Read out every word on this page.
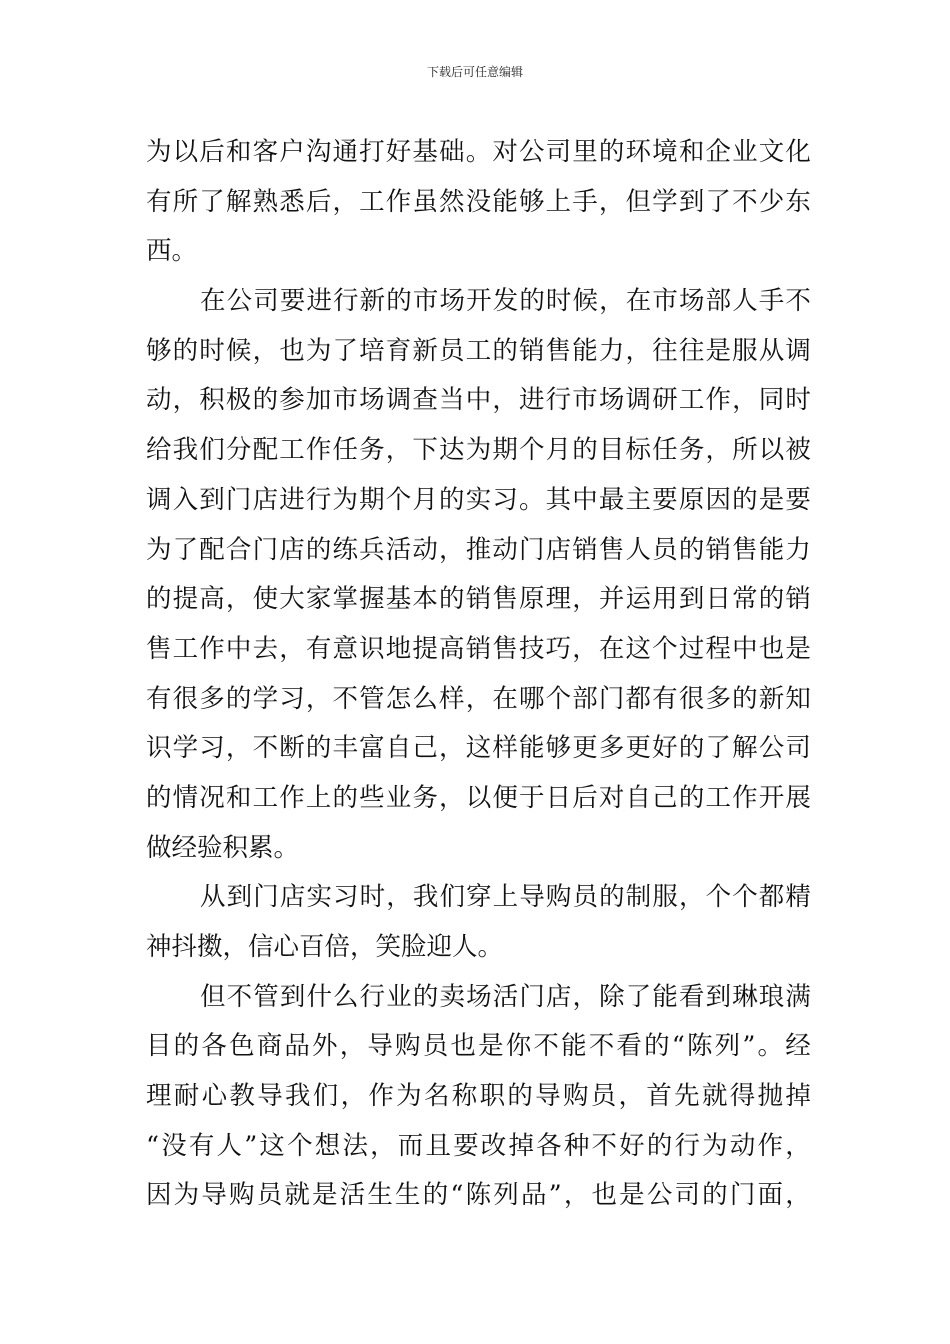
下载后可任意编辑
为 以 后 和 客 户 沟 通 打 好 基 础 。 对 公 司 里 的 环 境 和 企 业 文 化
有 所 了 解 熟 悉 后 ， 工 作 虽 然 没 能 够 上 手 ， 但 学 到 了 不 少 东
西。
在 公 司 要 进 行 新 的 市 场 开 发 的 时 候 ， 在 市 场 部 人 手 不
够 的 时 候 ， 也 为 了 培 育 新 员 工 的 销 售 能 力 ， 往 往 是 服 从 调
动 ， 积 极 的 参 加 市 场 调 查 当 中 ， 进 行 市 场 调 研 工 作 ， 同 时
给 我 们 分 配 工 作 任 务 ， 下 达 为 期 个 月 的 目 标 任 务 ， 所 以 被
调 入 到 门 店 进 行 为 期 个 月 的 实 习 。 其 中 最 主 要 原 因 的 是 要
为 了 配 合 门 店 的 练 兵 活 动 ， 推 动 门 店 销 售 人 员 的 销 售 能 力
的 提 高 ， 使 大 家 掌 握 基 本 的 销 售 原 理 ， 并 运 用 到 日 常 的 销
售 工 作 中 去 ， 有 意 识 地 提 高 销 售 技 巧 ， 在 这 个 过 程 中 也 是
有 很 多 的 学 习 ， 不 管 怎 么 样 ， 在 哪 个 部 门 都 有 很 多 的 新 知
识 学 习 ， 不 断 的 丰 富 自 己 ， 这 样 能 够 更 多 更 好 的 了 解 公 司
的 情 况 和 工 作 上 的 些 业 务 ， 以 便 于 日 后 对 自 己 的 工 作 开 展
做经验积累。
从 到 门 店 实 习 时 ， 我 们 穿 上 导 购 员 的 制 服 ， 个 个 都 精
神抖擞，信心百倍，笑脸迎人。
但 不 管 到 什 么 行 业 的 卖 场 活 门 店 ， 除 了 能 看 到 琳 琅 满
目 的 各 色 商 品 外 ， 导 购 员 也 是 你 不 能 不 看 的 “ 陈 列 ” 。 经
理 耐 心 教 导 我 们 ， 作 为 名 称 职 的 导 购 员 ， 首 先 就 得 抛 掉
“ 没 有 人 ” 这 个 想 法 ， 而 且 要 改 掉 各 种 不 好 的 行 为 动 作 ，
因 为 导 购 员 就 是 活 生 生 的 “ 陈 列 品 ” ， 也 是 公 司 的 门 面 ，
